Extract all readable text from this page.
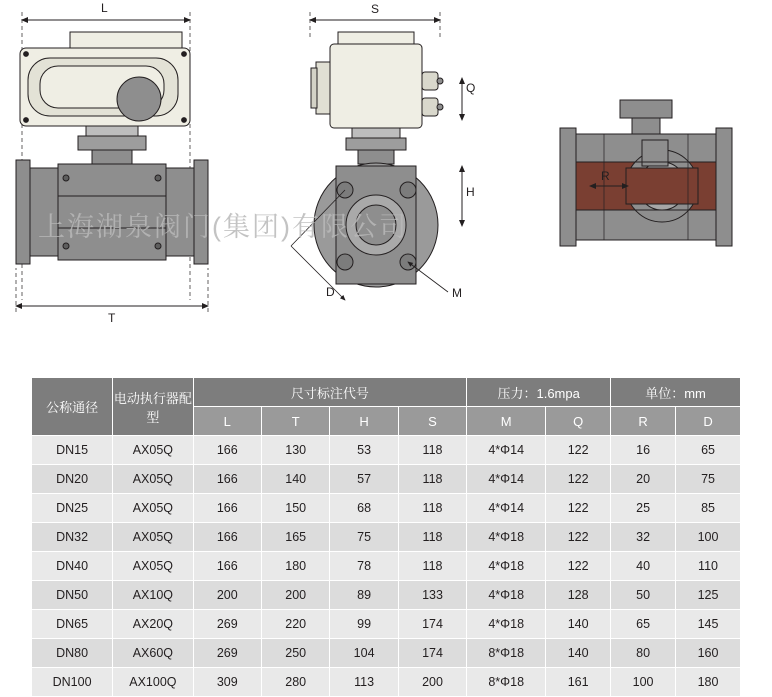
L
T
S
Q
H
D	M
R
上海湖泉阀门(集团)有限公司
公称通径	电动执行器配型	尺寸标注代号				压力：1.6mpa		单位：mm	
		L	T	H	S	M	Q	R	D
DN15	AX05Q	166	130	53	118	4*Φ14	122	16	65
DN20	AX05Q	166	140	57	118	4*Φ14	122	20	75
DN25	AX05Q	166	150	68	118	4*Φ14	122	25	85
DN32	AX05Q	166	165	75	118	4*Φ18	122	32	100
DN40	AX05Q	166	180	78	118	4*Φ18	122	40	110
DN50	AX10Q	200	200	89	133	4*Φ18	128	50	125
DN65	AX20Q	269	220	99	174	4*Φ18	140	65	145
DN80	AX60Q	269	250	104	174	8*Φ18	140	80	160
DN100	AX100Q	309	280	113	200	8*Φ18	161	100	180
